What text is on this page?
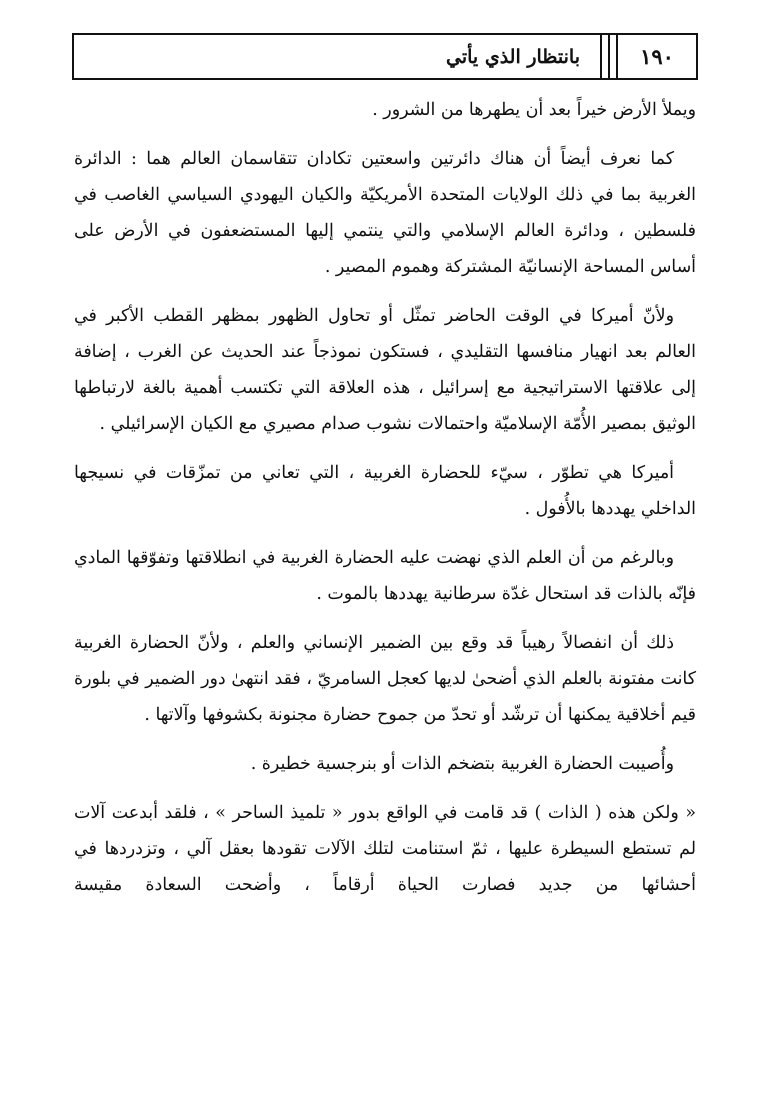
بانتظار الذي يأتي	١٩٠

ويملأ الأرض خيراً بعد أن يطهرها من الشرور .

كما نعرف أيضاً أن هناك دائرتين واسعتين تكادان تتقاسمان العالم هما : الدائرة الغربية بما في ذلك الولايات المتحدة الأمريكيّة والكيان اليهودي السياسي الغاصب في فلسطين ، ودائرة العالم الإسلامي والتي ينتمي إليها المستضعفون في الأرض على أساس المساحة الإنسانيّة المشتركة وهموم المصير .

ولأنّ أميركا في الوقت الحاضر تمثّل أو تحاول الظهور بمظهر القطب الأكبر في العالم بعد انهيار منافسها التقليدي ، فستكون نموذجاً عند الحديث عن الغرب ، إضافة إلى علاقتها الاستراتيجية مع إسرائيل ، هذه العلاقة التي تكتسب أهمية بالغة لارتباطها الوثيق بمصير الأُمّة الإسلاميّة واحتمالات نشوب صدام مصيري مع الكيان الإسرائيلي .

أميركا هي تطوّر ، سيّء للحضارة الغربية ، التي تعاني من تمزّقات في نسيجها الداخلي يهددها بالأُفول .

وبالرغم من أن العلم الذي نهضت عليه الحضارة الغربية في انطلاقتها وتفوّقها المادي فإنّه بالذات قد استحال غدّة سرطانية يهددها بالموت .

ذلك أن انفصالاً رهيباً قد وقع بين الضمير الإنساني والعلم ، ولأنّ الحضارة الغربية كانت مفتونة بالعلم الذي أضحىٰ لديها كعجل السامريّ ، فقد انتهىٰ دور الضمير في بلورة قيم أخلاقية يمكنها أن ترشّد أو تحدّ من جموح حضارة مجنونة بكشوفها وآلاتها .

وأُصيبت الحضارة الغربية بتضخم الذات أو بنرجسية خطيرة .

« ولكن هذه ( الذات ) قد قامت في الواقع بدور « تلميذ الساحر » ، فلقد أبدعت آلات لم تستطع السيطرة عليها ، ثمّ استنامت لتلك الآلات تقودها بعقل آلي ، وتزدردها في أحشائها من جديد فصارت الحياة أرقاماً ، وأضحت السعادة مقيسة
